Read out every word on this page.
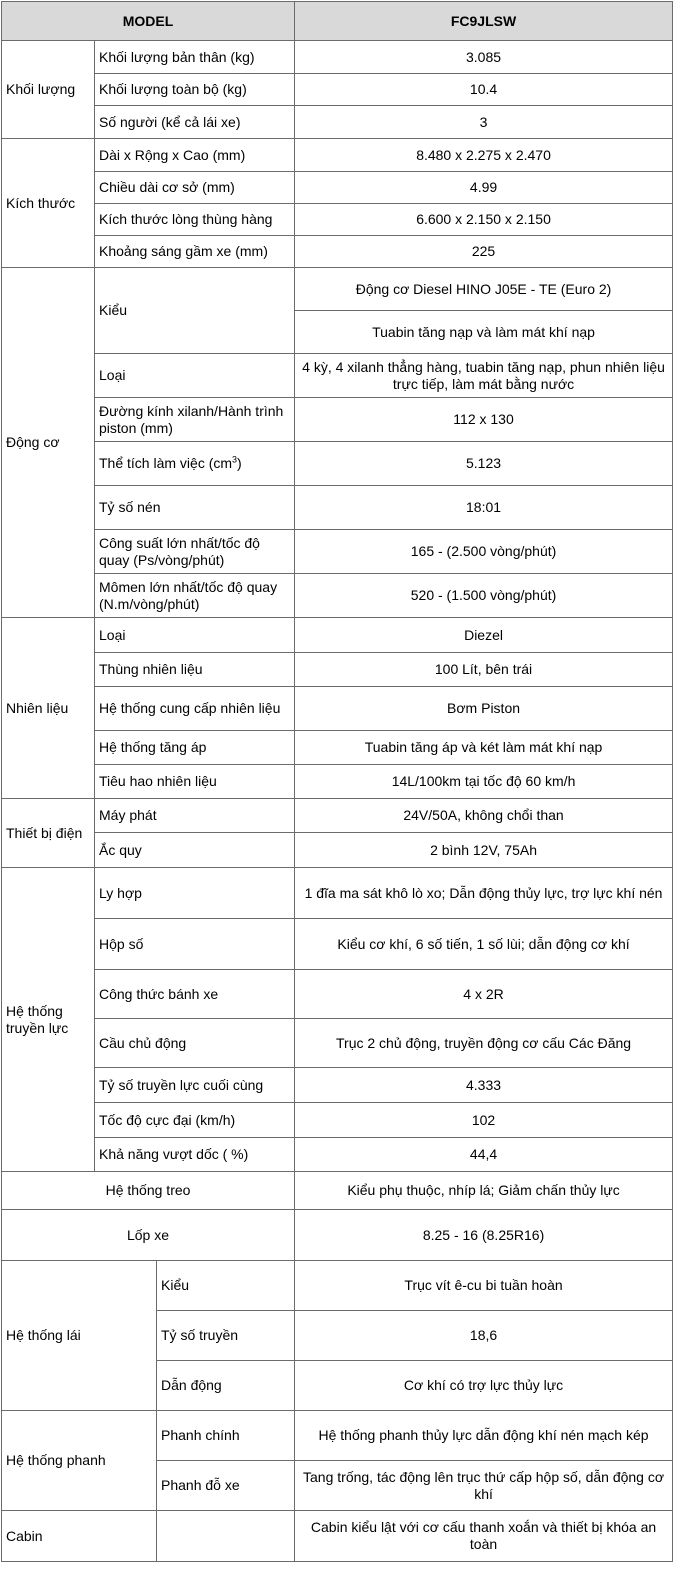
MODEL			FC9JLSW
Khối lượng	Khối lượng bản thân (kg)		3.085
	Khối lượng toàn bộ (kg)		10.4
	Số người (kể cả lái xe)		3
Kích thước	Dài x Rộng x Cao (mm)		8.480 x 2.275 x 2.470
	Chiều dài cơ sở (mm)		4.99
	Kích thước lòng thùng hàng		6.600 x 2.150 x 2.150
	Khoảng sáng gầm xe (mm)		225
Động cơ	Kiểu		Động cơ Diesel HINO J05E - TE (Euro 2)
			Tuabin tăng nạp và làm mát khí nạp
	Loại		4 kỳ, 4 xilanh thẳng hàng, tuabin tăng nạp, phun nhiên liệu trực tiếp, làm mát bằng nước
	Đường kính xilanh/Hành trình piston (mm)		112 x 130
	Thể tích làm việc $(cm^3)$		5.123
	Tỷ số nén		18:01
	Công suất lớn nhất/tốc độ quay (Ps/vòng/phút)		165 - (2.500 vòng/phút)
	Mômen lớn nhất/tốc độ quay (N.m/vòng/phút)		520 - (1.500 vòng/phút)

Nhiên liệu	Loại		Diezel
	Thùng nhiên liệu		100 Lít, bên trái
	Hệ thống cung cấp nhiên liệu		Bơm Piston
	Hệ thống tăng áp		Tuabin tăng áp và két làm mát khí nạp
	Tiêu hao nhiên liệu		14L/100km tại tốc độ 60 km/h
Thiết bị điện	Máy phát		24V/50A, không chổi than
	Ắc quy		2 bình 12V, 75Ah
Hệ thống truyền lực	Ly hợp		1 đĩa ma sát khô lò xo; Dẫn động thủy lực, trợ lực khí nén
	Hộp số		Kiểu cơ khí, 6 số tiến, 1 số lùi; dẫn động cơ khí
	Công thức bánh xe		4 x 2R
	Cầu chủ động		Trục 2 chủ động, truyền động cơ cấu Các Đăng
	Tỷ số truyền lực cuối cùng		4.333
	Tốc độ cực đại (km/h)		102
	Khả năng vượt dốc ( %)		44,4
Hệ thống treo			Kiểu phụ thuộc, nhíp lá; Giảm chấn thủy lực
Lốp xe			8.25 - 16 (8.25R16)
Hệ thống lái		Kiểu	Trục vít ê-cu bi tuần hoàn
		Tỷ số truyền	18,6
		Dẫn động	Cơ khí có trợ lực thủy lực
Hệ thống phanh		Phanh chính	Hệ thống phanh thủy lực dẫn động khí nén mạch kép
		Phanh đỗ xe	Tang trống, tác động lên trục thứ cấp hộp số, dẫn động cơ khí
Cabin			Cabin kiểu lật với cơ cấu thanh xoắn và thiết bị khóa an toàn
